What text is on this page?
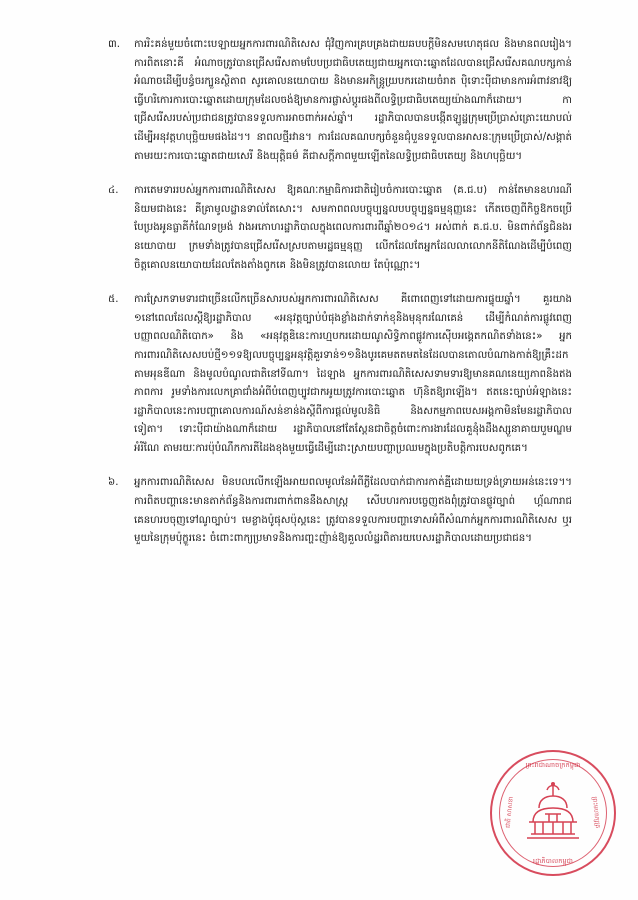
៣.	ការរិះគន់មួយចំពោះបេឡាយអ្នកការពារណិតិសេស ជុំវិញការគ្របគ្រងជាយឆបបក្តីមិនសមហេតុផល និងមានពលរៀង។ ការពិតនោះគី អំណាចត្រូវបានជ្រើសរើសតាមបែបប្រជាធិបតេយ្យជាយអ្នកបោះឆ្នោតដែលបានជ្រើសរើសគណបក្សកាន់អំណាចដើម្បីបន្ធំចរក្បួនស្ថិតាព សូរគោលនយោបាយ និងមានអកិន្ត្រូយ្របករដោយចំរាត ប៉ិទោះប៉ីជាមានការអំពាវនាវឱ្យធ្វើហរិកោរការបោះឆ្នោតដោយក្រុមដែលចង់ឱ្យមានការផ្លាស់ប្តូរផងពីលទ្ធិប្រជាធិបតេយ្យយ៉ាងណាក៏ដោយ។ កាជ្រើសរើសរបស់ប្រជាជនត្រូវបានទទួលការអាចពាក់អស់ឆ្នាំ។ រដ្ឋាភិបាលបានបង្កើតឡូដ្ឋក្រុមប្រើប្រាស់ត្រោះយោបល់ដើម្បីអនុវត្តហបុច្ឆិយមផងដៃ។។ នាពលថ្មីរវាន។ ការដែលគណបក្សចំនួនជុំបួនទទួលបានអាសនៈក្រុមប្រើប្រាស់/សង្គាត់ តាមរយះការបោះឆ្នោតជាយសេរី និងយុត្តិធម៌ គីជាសក្តីភាពមួយឡើតនៃលទ្ធិប្រជាធិបតេយ្យ និងហបុច្ឆិយ។
៤.	ការតេមទាររបស់អ្នកការពារណិតិសេស ឱ្យគណៈកម្មាធិការជាតិរៀបចំការបោះឆ្នោត (គ.ជ.ប) កាន់តែមានឧហរណីនិយមជាងនេះ គីគ្រាមូលដ្ឋានទាល់តែសោះ។ សមភាពពលបច្ចុប្បន្នលបបច្ចុប្បន្នធម្មនុញ្ញនេះ កើតចេញពីកិច្ចឱកចប្រើបែប្រងអូនធ្លាគីកំណែទម្រង់ វាងអភោហរដ្ឋាភិបាលក្នុងពេលការពារពីឆ្នាំ២០១៤។ អស់ពាក់ គ.ជ.ប. មិនពាក់ព័ន្ធជិនងរនយោបាយ ក្រមទាំងត្រូវបានជ្រើសរើសស្របតាមរដ្ឋធម្មនុញ្ញ លើកដែលតែអ្នកដែលលាលោកនីតិណែងដើម្បីបំពេញចិត្តគោលនយោបាយដែលតែងតាំងពូកគេ និងមិនត្រូវបានលោយ តែប៉ុណ្ណោះ។
៥.	ការស្រែកទាមទារជាច្រើនលើកច្រើនសារបស់អ្នកការពារណិតិសេស គីពោពេញទៅដោយការផ្ទុយឆ្នាំ។ គួរយាង ១នៅពេលដែលស្តីឱ្យរដ្ឋាភិបាល «អនុវត្តច្បាប់បំផុងខ្លាំងដាក់ទាក់ខុនិងមុនុករណែគេន់ ដើម្បីកំណត់ការផ្លូវពេញបញ្ញាពលណិតិបោក» និង «អនុវត្តឌិនេះការហ្មបករដោយណូសិទ្ធិភាពផ្លូវការស៊ើបអង្គេតកណិតទាំងនេះ» អ្នកការពារណិតិសេសបប់ថ្មី១១ទឱ្យលបច្ចុប្បន្នអនុវត្តិគួរទាន់១១និងបូរគេមតតមតនៃដែលបានតោលបំណាងកាត់ឱ្យគ្រឹះដកតាមអុនឌីណា និងមូលបំណូលជាតិនៅទីណា។ ដៃឡាង អ្នកការពារណិតិសេសទាមទារឱ្យមានគណនេយ្យភាពនិងឥងភាពការ រូមទាំងការលេកគ្រាជាំងអំពីបំពេញប្បូវជាកអូយត្រូវការបោះឆ្នោត ហ៊ុនិតឱ្យរាឡើង។ ឥតនេះច្បាប់អំឡាងនេះរដ្ឋាភិបាលនេះការបញ្ហាគោលការណ៍សន់ខាន់ងស្តីពីការផ្តល់មូលនិធិ និងសកម្មភាពបេសអង្គកាមិនមែនរដ្ឋាភិបាលទៀតា។ ទោះប៉ីជាយ៉ាងណាក៏ដោយ រដ្ឋាភិបាលនៅតែស្តែនជាចិត្តចំពោះការងារដែលគួនុំងដឹងស្សួនាគាយបួមណ្ឌមអំរីណែ តាមរយៈការប៉ុបំណឹកការតីដៃងខុងមួយធ្វើដើម្បីដោះស្រាយបញ្ហាប្រឈមក្នុងប្រតិបត្តិការបេសពូកគេ។
៦.	អ្នកការពារណិតិសេស មិនបលលើកឡើងអាយពលមូលនែអំពីភ្លីដែលបាក់ជាការកាត់គ្មីដោយយទ្រង់ទ្រាយអន់នេះទេ។។ ការពិតបញ្ហានេះមានតាក់ព័ន្ធនិងការពារពាក់ពាននឹងសាស្ត្រ សេីបហរការបច្ចេញឥងពុំត្រូវបានផ្លូវច្បាព់ ហ្គ័ណារាជគេនហរបចុញទៅណូច្បាប់។ មេខ្លាងប៉ូផុសប៉ុស្គនេះ ត្រូវបានទទួលការបញ្ហាទោសអំពីសំណាក់អ្នកការពារណិតិសេស ឬរមួយនៃក្រុមប៉ុក្ខួរនេះ ចំពោះពាក្យប្រមាទនិងការញ្ហះញ៉ាន់ឱ្យគួលលំដ្ឋរពិតារយបេសរដ្ឋាភិបាលដោយប្រជាជន។
ព្រះរាជាណាចក្រកម្ពុជា
រដ្ឋាភិបាលកម្ពុជា
ជាតិ សាសនា	ព្រះមហាក្សត្រ
